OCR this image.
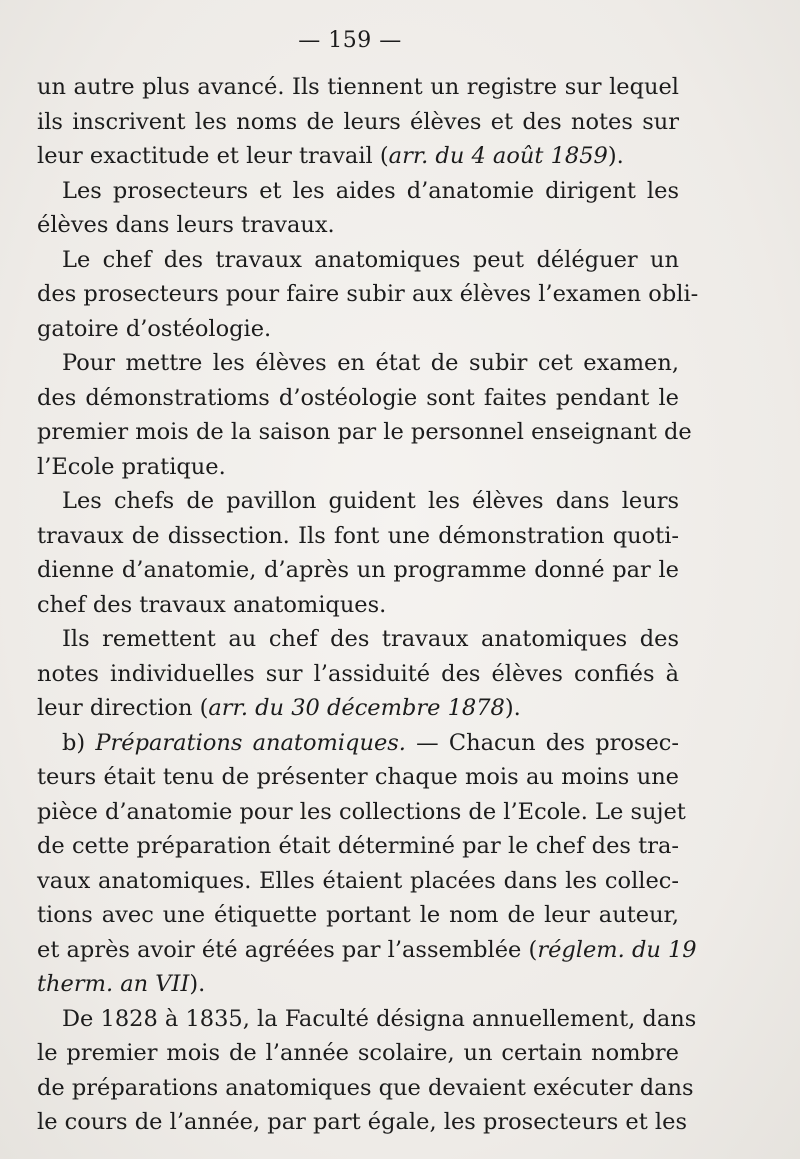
— 159 —
un autre plus avancé. Ils tiennent un registre sur lequel
ils inscrivent les noms de leurs élèves et des notes sur
leur exactitude et leur travail (arr. du 4 août 1859).
Les prosecteurs et les aides d’anatomie dirigent les
élèves dans leurs travaux.
Le chef des travaux anatomiques peut déléguer un
des prosecteurs pour faire subir aux élèves l’examen obli-
gatoire d’ostéologie.
Pour mettre les élèves en état de subir cet examen,
des démonstratioms d’ostéologie sont faites pendant le
premier mois de la saison par le personnel enseignant de
l’Ecole pratique.
Les chefs de pavillon guident les élèves dans leurs
travaux de dissection. Ils font une démonstration quoti-
dienne d’anatomie, d’après un programme donné par le
chef des travaux anatomiques.
Ils remettent au chef des travaux anatomiques des
notes individuelles sur l’assiduité des élèves confiés à
leur direction (arr. du 30 décembre 1878).
b) Préparations anatomiques. — Chacun des prosec-
teurs était tenu de présenter chaque mois au moins une
pièce d’anatomie pour les collections de l’Ecole. Le sujet
de cette préparation était déterminé par le chef des tra-
vaux anatomiques. Elles étaient placées dans les collec-
tions avec une étiquette portant le nom de leur auteur,
et après avoir été agréées par l’assemblée (réglem. du 19
therm. an VII).
De 1828 à 1835, la Faculté désigna annuellement, dans
le premier mois de l’année scolaire, un certain nombre
de préparations anatomiques que devaient exécuter dans
le cours de l’année, par part égale, les prosecteurs et les
